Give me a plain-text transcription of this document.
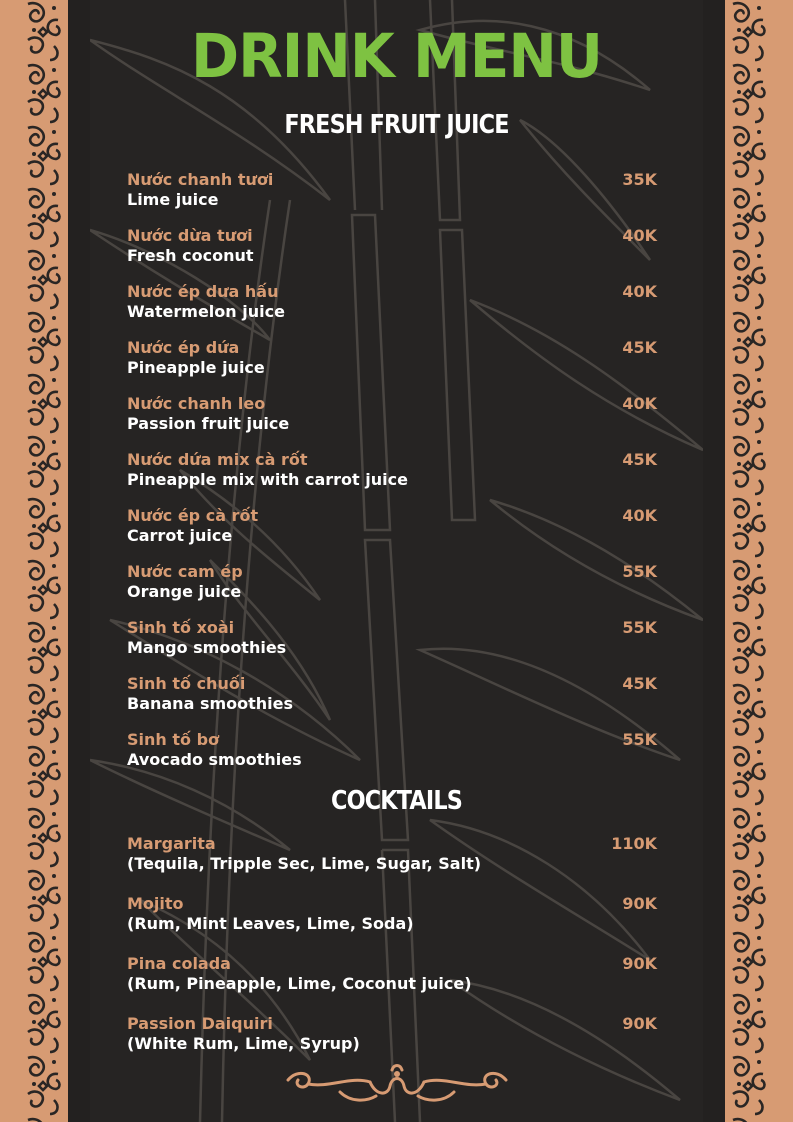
DRINK MENU
FRESH FRUIT JUICE
Nước chanh tươi
Lime juice
35K
Nước dừa tươi
Fresh coconut
40K
Nước ép dưa hấu
Watermelon juice
40K
Nước ép dứa
Pineapple juice
45K
Nước chanh leo
Passion fruit juice
40K
Nước dứa mix cà rốt
Pineapple mix with carrot juice
45K
Nước ép cà rốt
Carrot juice
40K
Nước cam ép
Orange juice
55K
Sinh tố xoài
Mango smoothies
55K
Sinh tố chuối
Banana smoothies
45K
Sinh tố bơ
Avocado smoothies
55K
COCKTAILS
Margarita
(Tequila, Tripple Sec, Lime, Sugar, Salt)
110K
Mojito
(Rum, Mint Leaves, Lime, Soda)
90K
Pina colada
(Rum, Pineapple, Lime, Coconut juice)
90K
Passion Daiquiri
(White Rum, Lime, Syrup)
90K
